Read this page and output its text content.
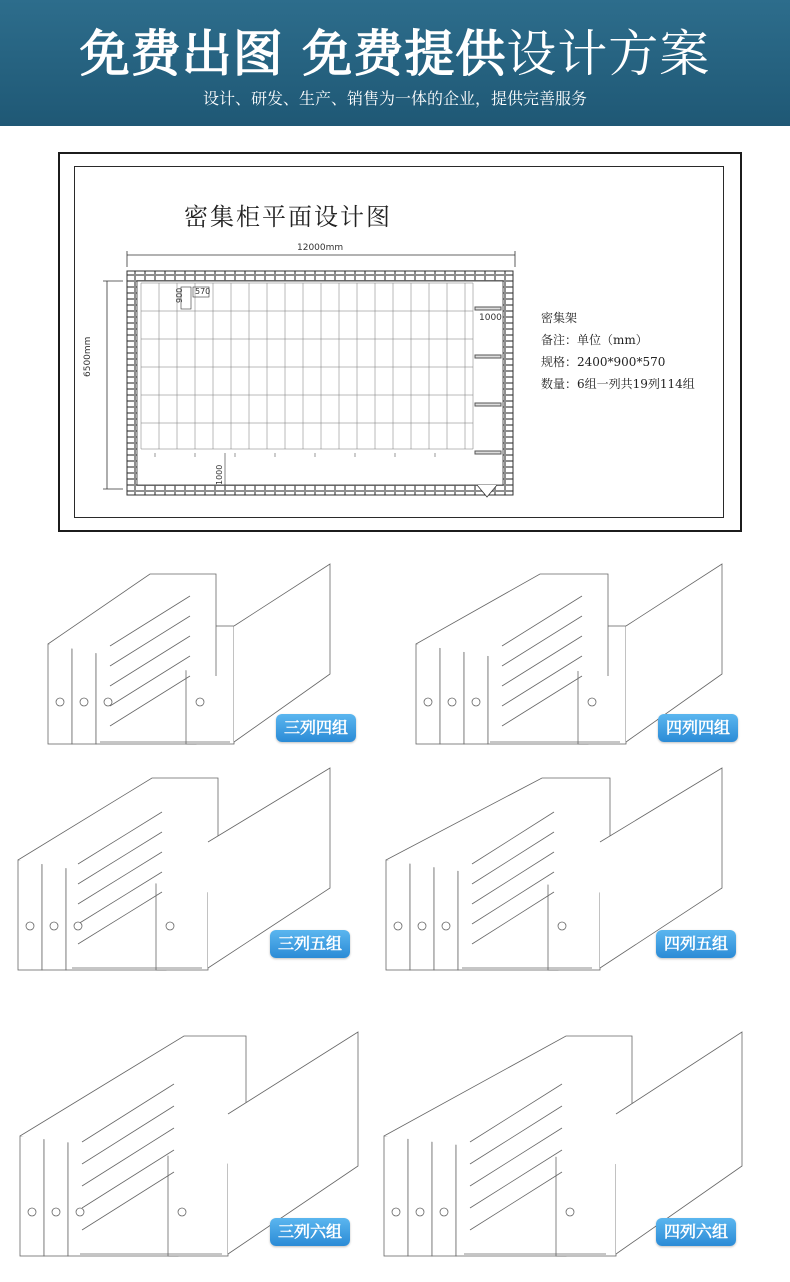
免费出图 免费提供设计方案
设计、研发、生产、销售为一体的企业，提供完善服务
密集柜平面设计图
12000mm
6500mm
900 570
1000
1000
密集架
备注：单位（mm）
规格：2400*900*570
数量：6组一列共19列114组
三列四组	四列四组
三列五组	四列五组
三列六组	四列六组
